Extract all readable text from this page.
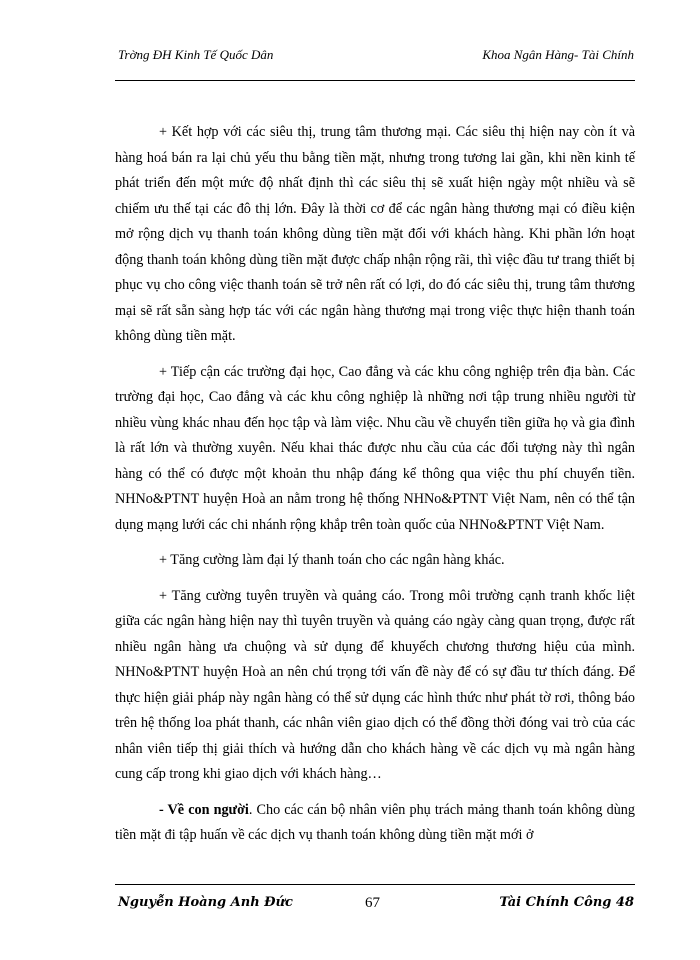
Trờng ĐH Kinh Tế Quốc Dân	Khoa Ngân Hàng- Tài Chính

+ Kết hợp với các siêu thị, trung tâm thương mại. Các siêu thị hiện nay còn ít và hàng hoá bán ra lại chủ yếu thu bằng tiền mặt, nhưng trong tương lai gần, khi nền kinh tế phát triển đến một mức độ nhất định thì các siêu thị sẽ xuất hiện ngày một nhiều và sẽ chiếm ưu thế tại các đô thị lớn. Đây là thời cơ để các ngân hàng thương mại có điều kiện mở rộng dịch vụ thanh toán không dùng tiền mặt đối với khách hàng. Khi phần lớn hoạt động thanh toán không dùng tiền mặt được chấp nhận rộng rãi, thì việc đầu tư trang thiết bị phục vụ cho công việc thanh toán sẽ trở nên rất có lợi, do đó các siêu thị, trung tâm thương mại sẽ rất sẵn sàng hợp tác với các ngân hàng thương mại trong việc thực hiện thanh toán không dùng tiền mặt.

+ Tiếp cận các trường đại học, Cao đẳng và các khu công nghiệp trên địa bàn. Các trường đại học, Cao đẳng và các khu công nghiệp là những nơi tập trung nhiều người từ nhiều vùng khác nhau đến học tập và làm việc. Nhu cầu về chuyển tiền giữa họ và gia đình là rất lớn và thường xuyên. Nếu khai thác được nhu cầu của các đối tượng này thì ngân hàng có thể có được một khoản thu nhập đáng kể thông qua việc thu phí chuyển tiền. NHNo&PTNT huyện Hoà an nằm trong hệ thống NHNo&PTNT Việt Nam, nên có thể tận dụng mạng lưới các chi nhánh rộng khắp trên toàn quốc của NHNo&PTNT Việt Nam.

+ Tăng cường làm đại lý thanh toán cho các ngân hàng khác.

+ Tăng cường tuyên truyền và quảng cáo. Trong môi trường cạnh tranh khốc liệt giữa các ngân hàng hiện nay thì tuyên truyền và quảng cáo ngày càng quan trọng, được rất nhiều ngân hàng ưa chuộng và sử dụng để khuyếch chương thương hiệu của mình. NHNo&PTNT huyện Hoà an nên chú trọng tới vấn đề này để có sự đầu tư thích đáng. Để thực hiện giải pháp này ngân hàng có thể sử dụng các hình thức như phát tờ rơi, thông báo trên hệ thống loa phát thanh, các nhân viên giao dịch có thể đồng thời đóng vai trò của các nhân viên tiếp thị giải thích và hướng dẫn cho khách hàng về các dịch vụ mà ngân hàng cung cấp trong khi giao dịch với khách hàng…

- Về con người. Cho các cán bộ nhân viên phụ trách mảng thanh toán không dùng tiền mặt đi tập huấn về các dịch vụ thanh toán không dùng tiền mặt mới ở

Nguyễn Hoàng Anh Đức	67	Tài Chính Công 48
